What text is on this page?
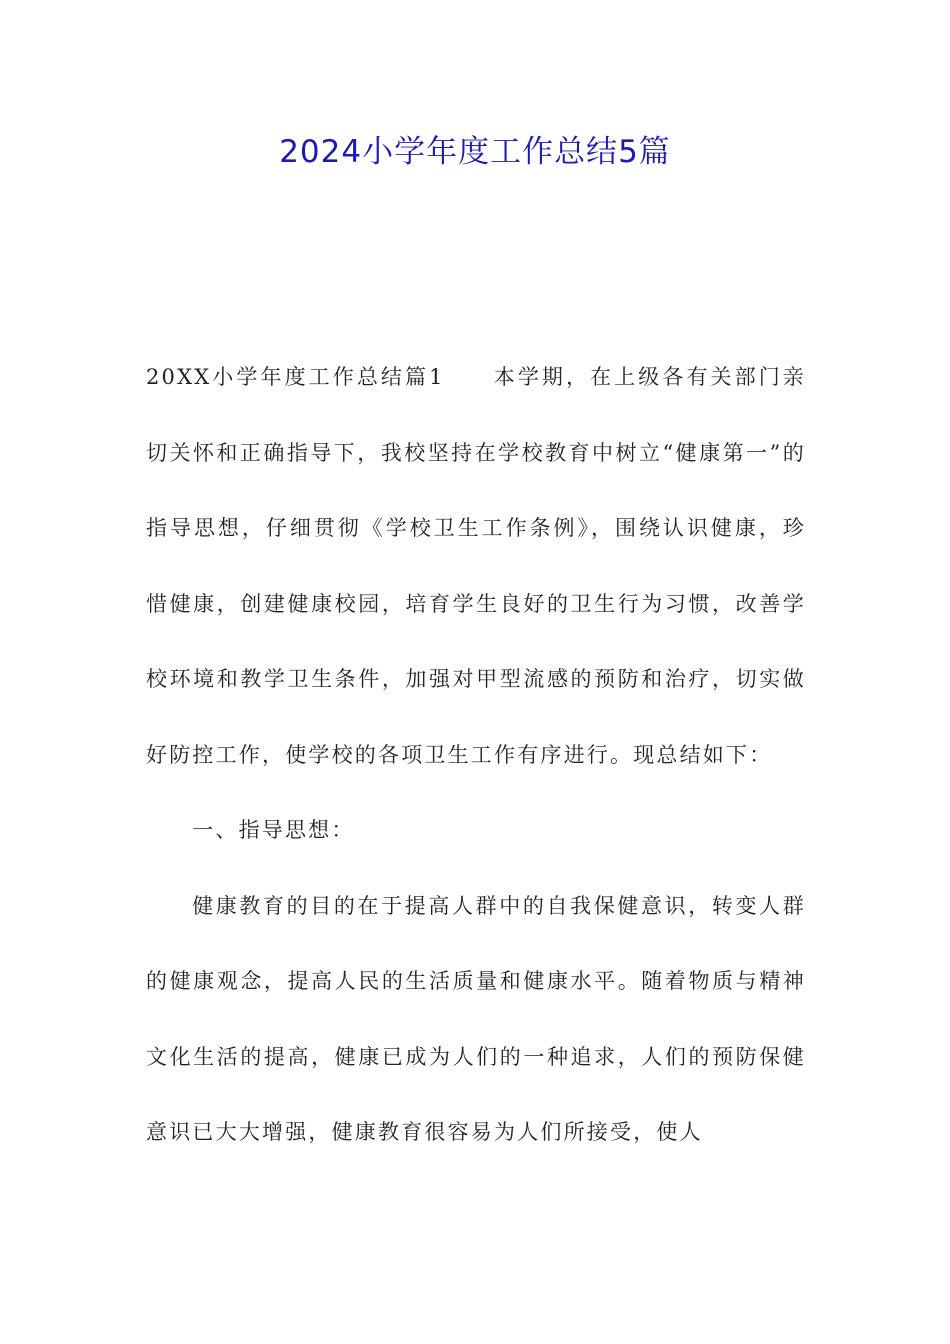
2024小学年度工作总结5篇

20XX小学年度工作总结篇1　　本学期，在上级各有关部门亲切关怀和正确指导下，我校坚持在学校教育中树立“健康第一”的指导思想，仔细贯彻《学校卫生工作条例》，围绕认识健康，珍惜健康，创建健康校园，培育学生良好的卫生行为习惯，改善学校环境和教学卫生条件，加强对甲型流感的预防和治疗，切实做好防控工作，使学校的各项卫生工作有序进行。现总结如下：

一、指导思想：

健康教育的目的在于提高人群中的自我保健意识，转变人群的健康观念，提高人民的生活质量和健康水平。随着物质与精神文化生活的提高，健康已成为人们的一种追求，人们的预防保健意识已大大增强，健康教育很容易为人们所接受，使人
